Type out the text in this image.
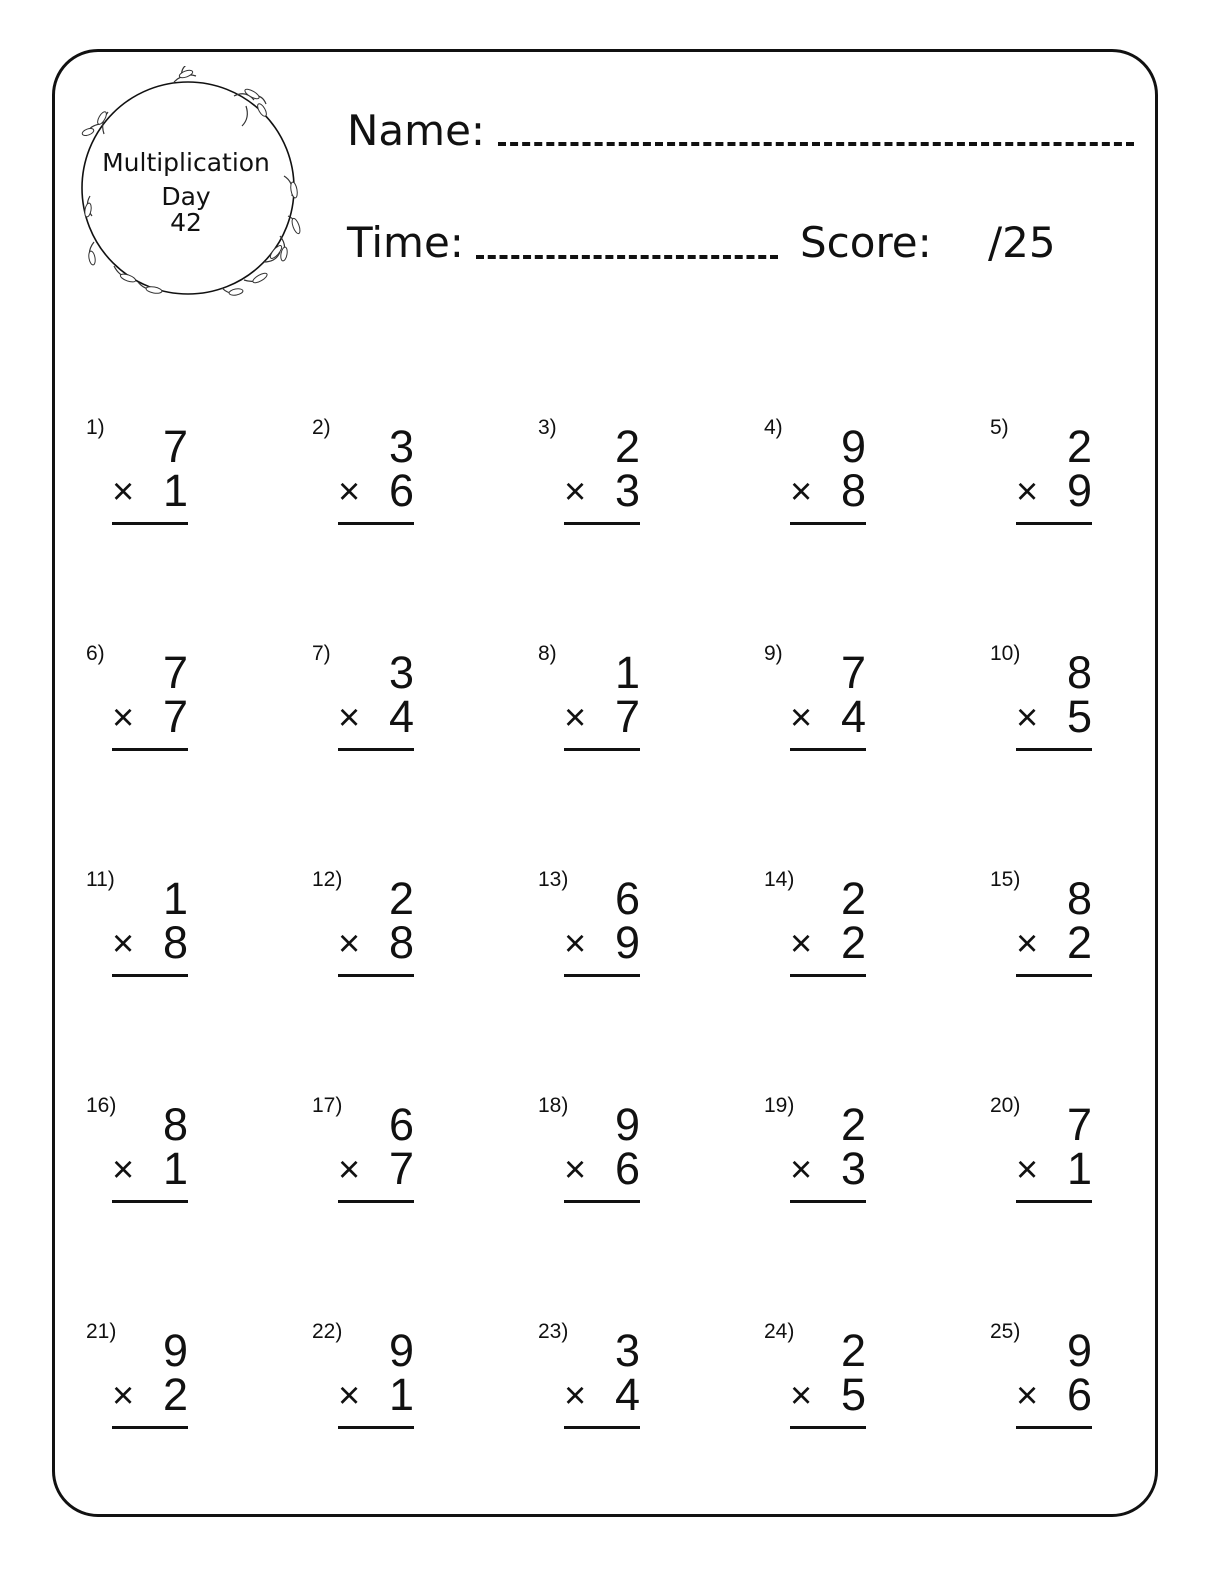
Multiplication
Day
42
Name:
Time:	Score: /25
1)	7
× 1
2)	3
× 6
3)	2
× 3
4)	9
× 8
5)	2
× 9
6)	7
× 7
7)	3
× 4
8)	1
× 7
9)	7
× 4
10)	8
× 5
11)	1
× 8
12)	2
× 8
13)	6
× 9
14)	2
× 2
15)	8
× 2
16)	8
× 1
17)	6
× 7
18)	9
× 6
19)	2
× 3
20)	7
× 1
21)	9
× 2
22)	9
× 1
23)	3
× 4
24)	2
× 5
25)	9
× 6
